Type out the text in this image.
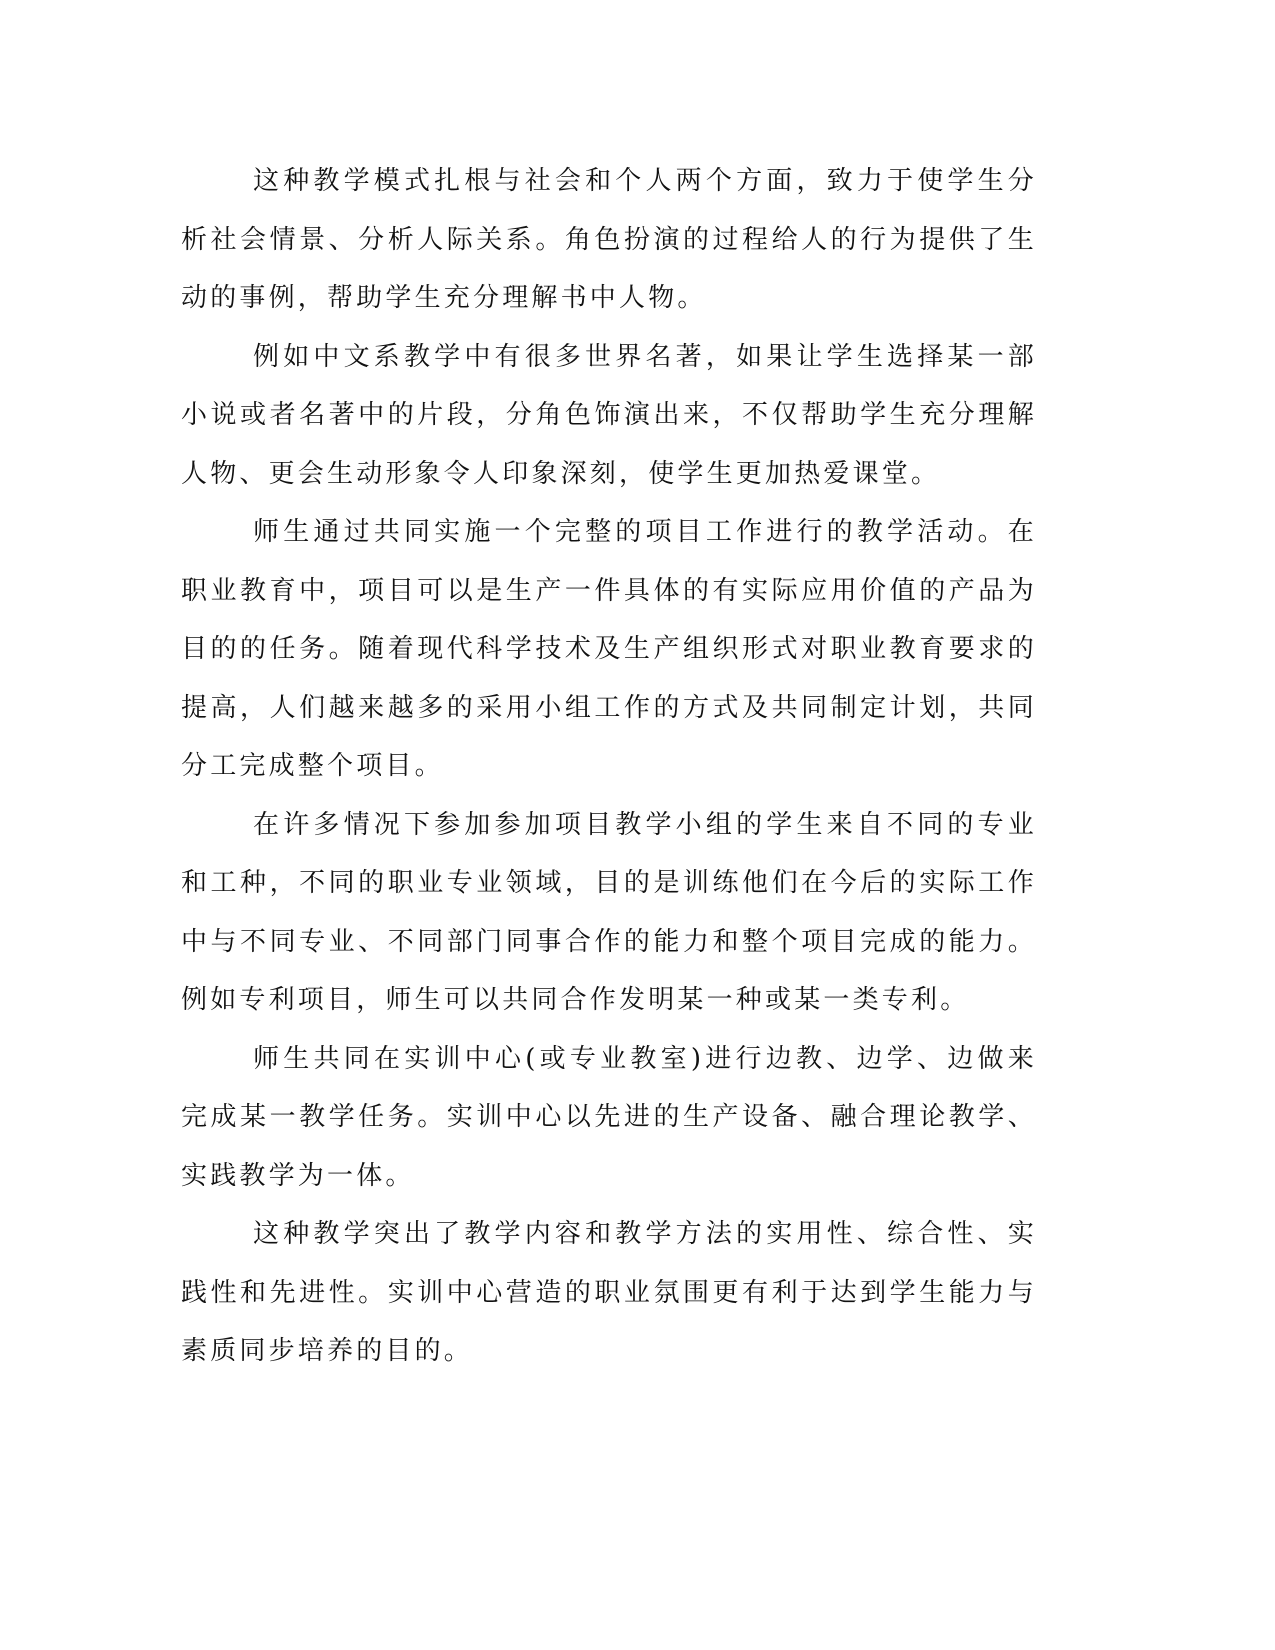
这种教学模式扎根与社会和个人两个方面，致力于使学生分析社会情景、分析人际关系。角色扮演的过程给人的行为提供了生动的事例，帮助学生充分理解书中人物。

例如中文系教学中有很多世界名著，如果让学生选择某一部小说或者名著中的片段，分角色饰演出来，不仅帮助学生充分理解人物、更会生动形象令人印象深刻，使学生更加热爱课堂。

师生通过共同实施一个完整的项目工作进行的教学活动。在职业教育中，项目可以是生产一件具体的有实际应用价值的产品为目的的任务。随着现代科学技术及生产组织形式对职业教育要求的提高，人们越来越多的采用小组工作的方式及共同制定计划，共同分工完成整个项目。

在许多情况下参加参加项目教学小组的学生来自不同的专业和工种，不同的职业专业领域，目的是训练他们在今后的实际工作中与不同专业、不同部门同事合作的能力和整个项目完成的能力。例如专利项目，师生可以共同合作发明某一种或某一类专利。

师生共同在实训中心(或专业教室)进行边教、边学、边做来完成某一教学任务。实训中心以先进的生产设备、融合理论教学、实践教学为一体。

这种教学突出了教学内容和教学方法的实用性、综合性、实践性和先进性。实训中心营造的职业氛围更有利于达到学生能力与素质同步培养的目的。
